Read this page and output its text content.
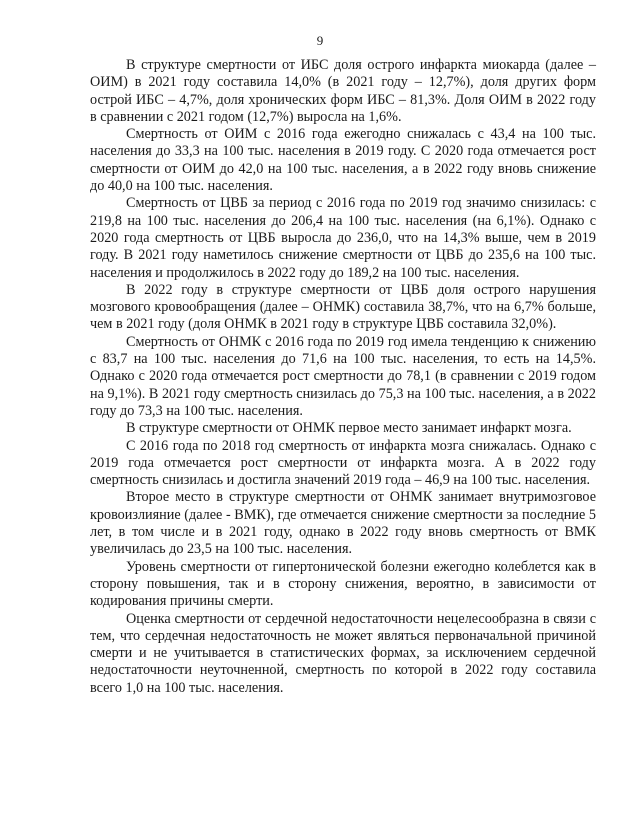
9

В структуре смертности от ИБС доля острого инфаркта миокарда (далее – ОИМ) в 2021 году составила 14,0% (в 2021 году – 12,7%), доля других форм острой ИБС – 4,7%, доля хронических форм ИБС – 81,3%. Доля ОИМ в 2022 году в сравнении с 2021 годом (12,7%) выросла на 1,6%.

Смертность от ОИМ с 2016 года ежегодно снижалась с 43,4 на 100 тыс. населения до 33,3 на 100 тыс. населения в 2019 году. С 2020 года отмечается рост смертности от ОИМ до 42,0 на 100 тыс. населения, а в 2022 году вновь снижение до 40,0 на 100 тыс. населения.

Смертность от ЦВБ за период с 2016 года по 2019 год значимо снизилась: с 219,8 на 100 тыс. населения до 206,4 на 100 тыс. населения (на 6,1%). Однако с 2020 года смертность от ЦВБ выросла до 236,0, что на 14,3% выше, чем в 2019 году. В 2021 году наметилось снижение смертности от ЦВБ до 235,6 на 100 тыс. населения и продолжилось в 2022 году до 189,2 на 100 тыс. населения.

В 2022 году в структуре смертности от ЦВБ доля острого нарушения мозгового кровообращения (далее – ОНМК) составила 38,7%, что на 6,7% больше, чем в 2021 году (доля ОНМК в 2021 году в структуре ЦВБ составила 32,0%).

Смертность от ОНМК с 2016 года по 2019 год имела тенденцию к снижению с 83,7 на 100 тыс. населения до 71,6 на 100 тыс. населения, то есть на 14,5%. Однако с 2020 года отмечается рост смертности до 78,1 (в сравнении с 2019 годом на 9,1%). В 2021 году смертность снизилась до 75,3 на 100 тыс. населения, а в 2022 году до 73,3 на 100 тыс. населения.

В структуре смертности от ОНМК первое место занимает инфаркт мозга.

С 2016 года по 2018 год смертность от инфаркта мозга снижалась. Однако с 2019 года отмечается рост смертности от инфаркта мозга. А в 2022 году смертность снизилась и достигла значений 2019 года – 46,9 на 100 тыс. населения.

Второе место в структуре смертности от ОНМК занимает внутримозговое кровоизлияние (далее - ВМК), где отмечается снижение смертности за последние 5 лет, в том числе и в 2021 году, однако в 2022 году вновь смертность от ВМК увеличилась до 23,5 на 100 тыс. населения.

Уровень смертности от гипертонической болезни ежегодно колеблется как в сторону повышения, так и в сторону снижения, вероятно, в зависимости от кодирования причины смерти.

Оценка смертности от сердечной недостаточности нецелесообразна в связи с тем, что сердечная недостаточность не может являться первоначальной причиной смерти и не учитывается в статистических формах, за исключением сердечной недостаточности неуточненной, смертность по которой в 2022 году составила всего 1,0 на 100 тыс. населения.
